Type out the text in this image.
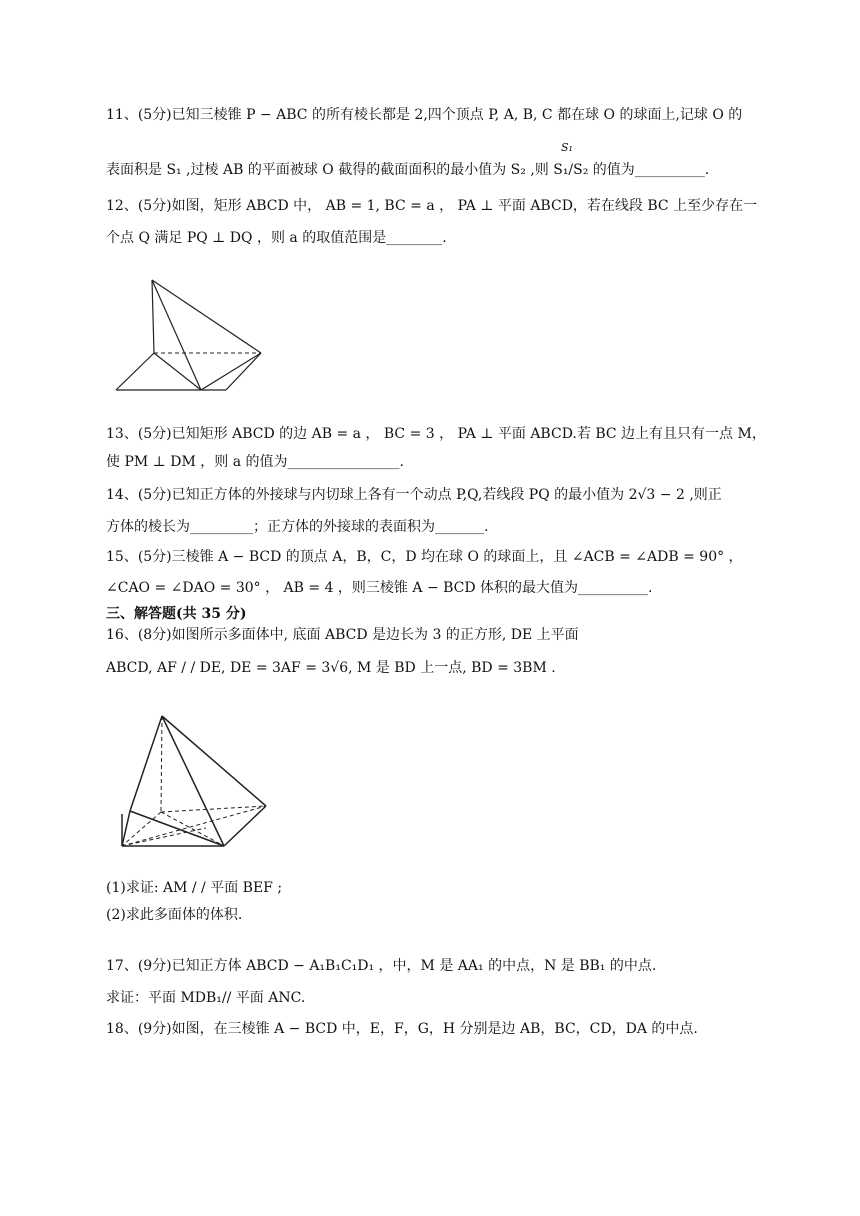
11、(5分)已知三棱锥 P − ABC 的所有棱长都是 2,四个顶点 P, A, B, C 都在球 O 的球面上,记球 O 的
S₁
表面积是 S₁ ,过棱 AB 的平面被球 O 截得的截面面积的最小值为 S₂ ,则 S₁/S₂ 的值为__________.
12、(5分)如图，矩形 ABCD 中， AB = 1, BC = a ， PA ⊥ 平面 ABCD，若在线段 BC 上至少存在一
个点 Q 满足 PQ ⊥ DQ ，则 a 的取值范围是________.
13、(5分)已知矩形 ABCD 的边 AB = a ， BC = 3 ， PA ⊥ 平面 ABCD.若 BC 边上有且只有一点 M，
使 PM ⊥ DM ，则 a 的值为________________.
14、(5分)已知正方体的外接球与内切球上各有一个动点 P,Q,若线段 PQ 的最小值为 2√3 − 2 ,则正
方体的棱长为_________；正方体的外接球的表面积为_______.
15、(5分)三棱锥 A − BCD 的顶点 A，B，C，D 均在球 O 的球面上，且 ∠ACB = ∠ADB = 90° ，
∠CAO = ∠DAO = 30° ， AB = 4 ，则三棱锥 A − BCD 体积的最大值为__________.
三、解答题(共 35 分)
16、(8分)如图所示多面体中, 底面 ABCD 是边长为 3 的正方形, DE 上平面
ABCD, AF / / DE, DE = 3AF = 3√6, M 是 BD 上一点, BD = 3BM .
(1)求证: AM / / 平面 BEF ;
(2)求此多面体的体积.
17、(9分)已知正方体 ABCD − A₁B₁C₁D₁ ，中，M 是 AA₁ 的中点，N 是 BB₁ 的中点.
求证：平面 MDB₁// 平面 ANC.
18、(9分)如图，在三棱锥 A − BCD 中，E，F，G，H 分别是边 AB，BC，CD，DA 的中点.
